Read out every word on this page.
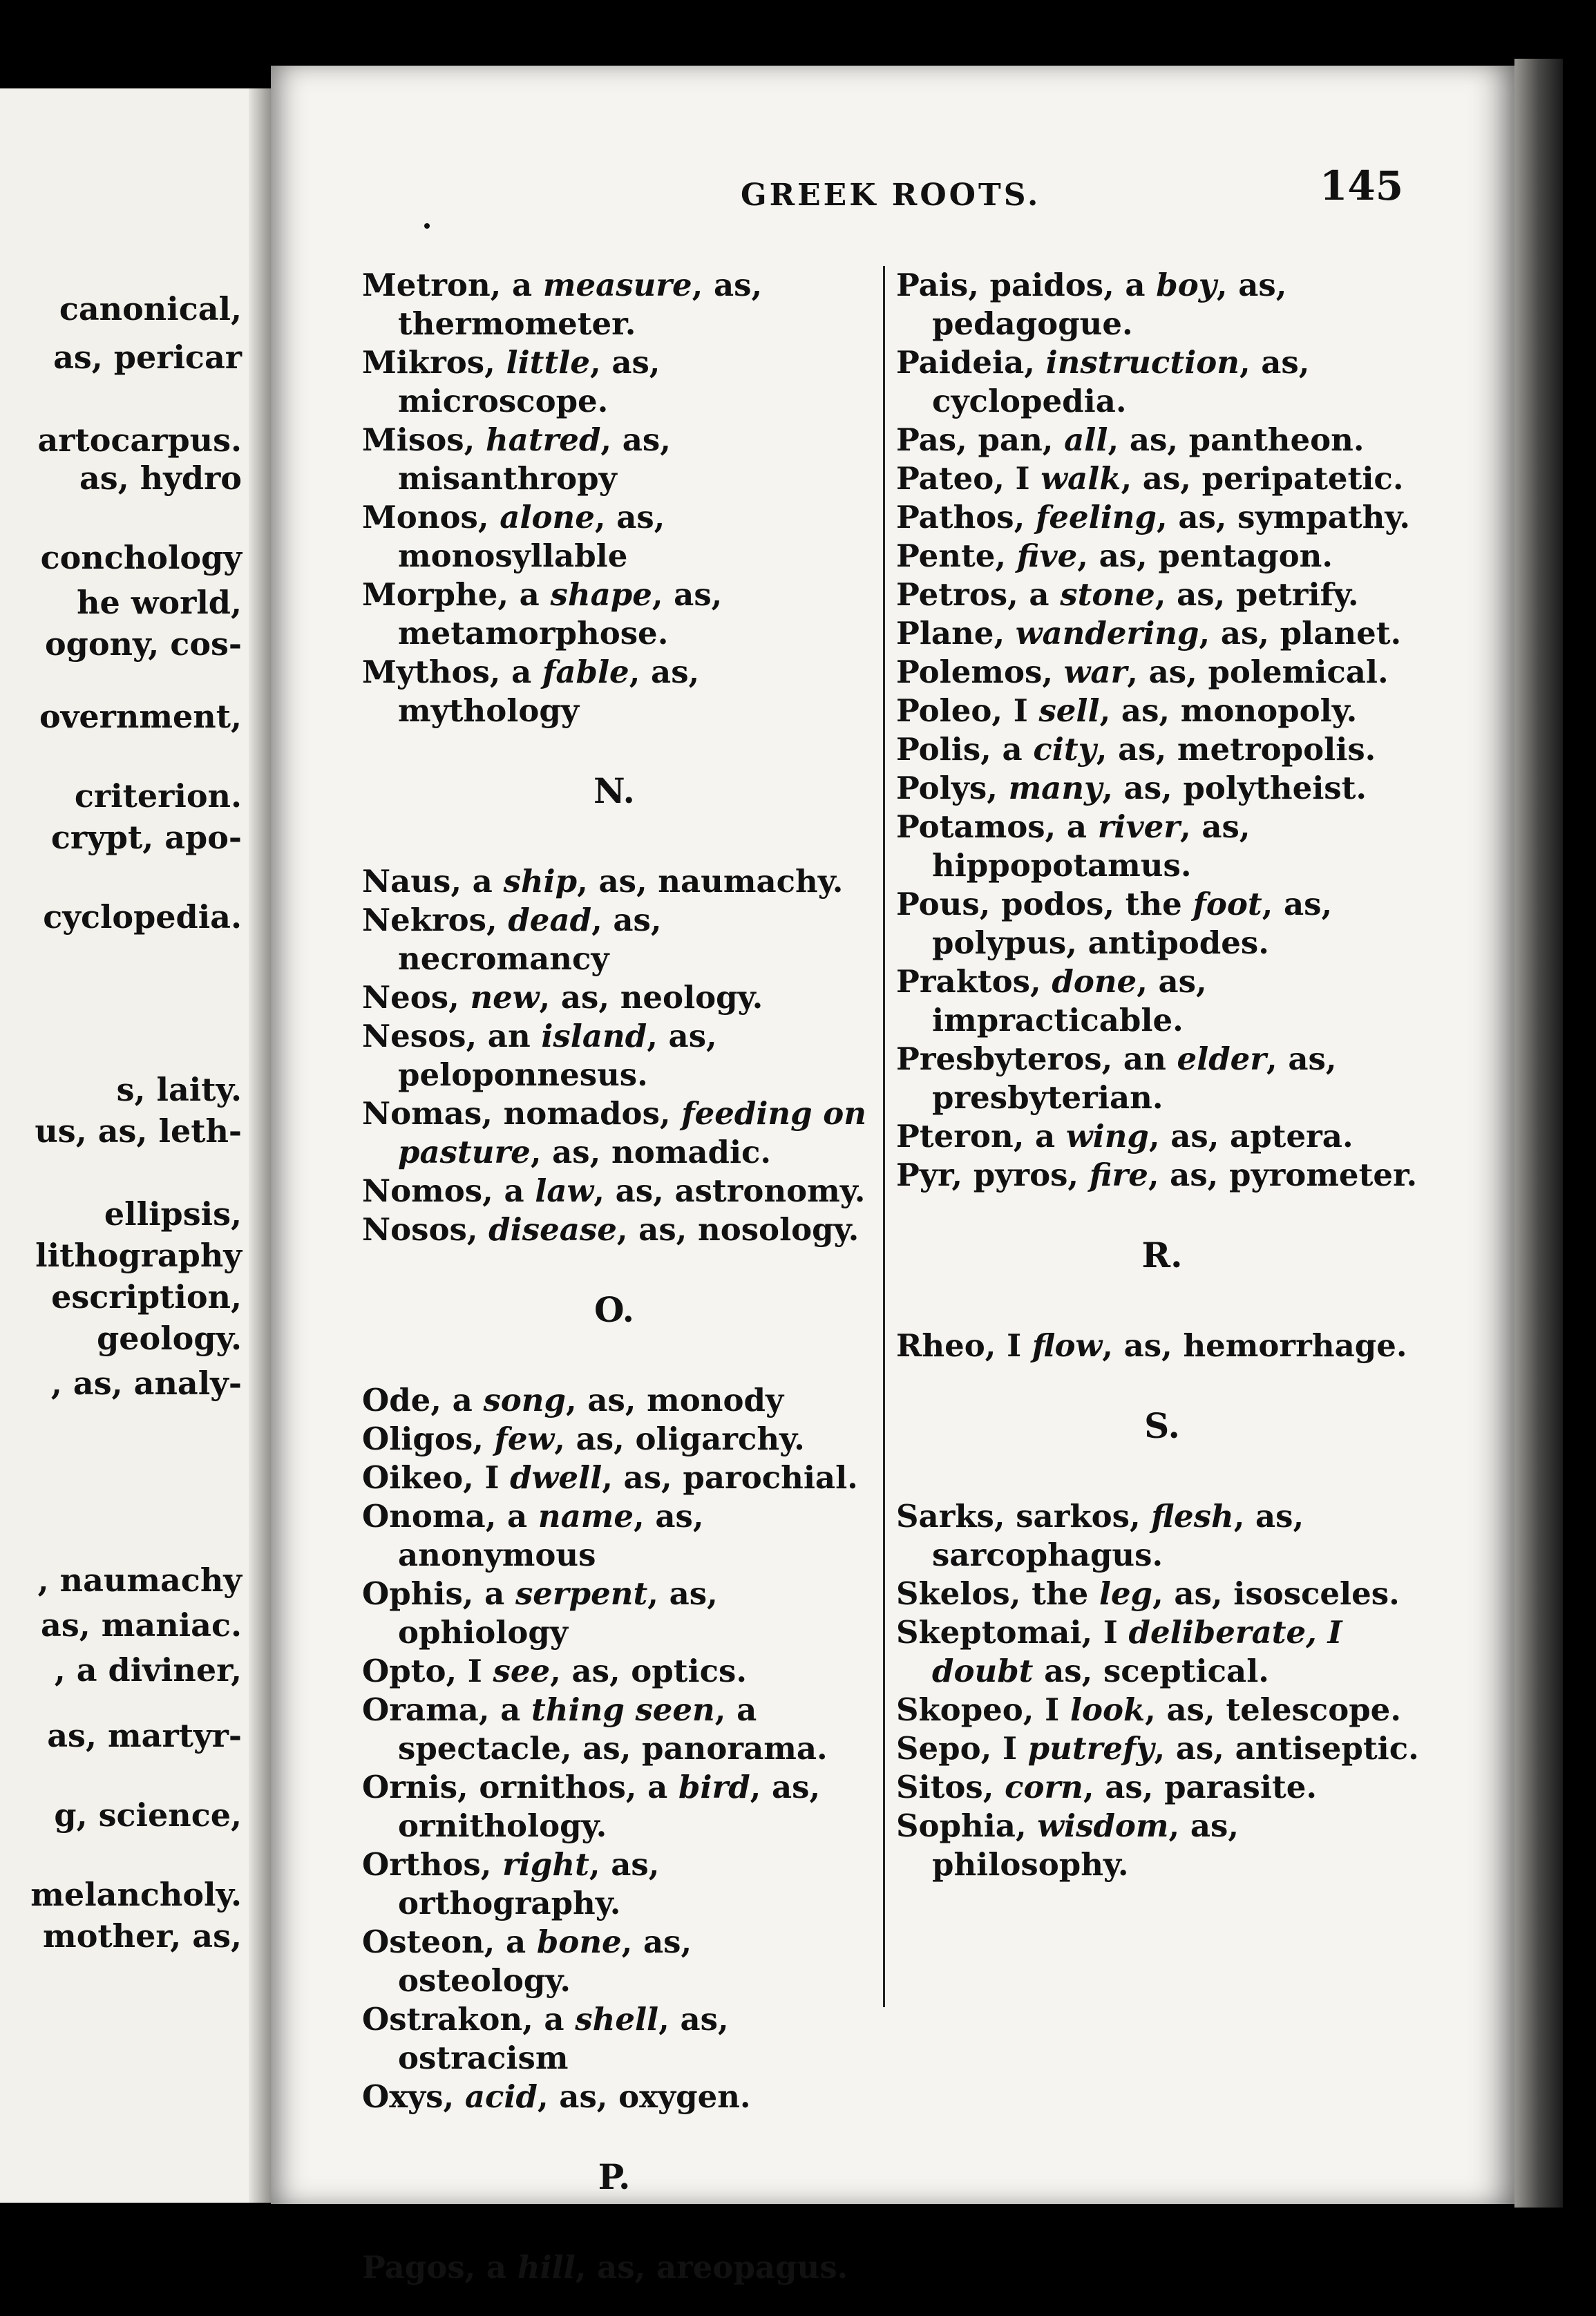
canonical,
as, pericar
artocarpus.
as, hydro
conchology
he world,
ogony, cos-
overnment,
criterion.
crypt, apo-
cyclopedia.
s, laity.
us, as, leth-
ellipsis,
lithography
escription,
geology.
, as, analy-
, naumachy
as, maniac.
, a diviner,
as, martyr-
g, science,
melancholy.
mother, as,
GREEK ROOTS.	145

Metron, a measure, as, thermometer.

Mikros, little, as, microscope.

Misos, hatred, as, misanthropy

Monos, alone, as, monosyllable

Morphe, a shape, as, metamorphose.

Mythos, a fable, as, mythology

N.

Naus, a ship, as, naumachy.

Nekros, dead, as, necromancy

Neos, new, as, neology.

Nesos, an island, as, peloponnesus.

Nomas, nomados, feeding on pasture, as, nomadic.

Nomos, a law, as, astronomy.

Nosos, disease, as, nosology.

O.

Ode, a song, as, monody

Oligos, few, as, oligarchy.

Oikeo, I dwell, as, parochial.

Onoma, a name, as, anonymous

Ophis, a serpent, as, ophiology

Opto, I see, as, optics.

Orama, a thing seen, a spectacle, as, panorama.

Ornis, ornithos, a bird, as, ornithology.

Orthos, right, as, orthography.

Osteon, a bone, as, osteology.

Ostrakon, a shell, as, ostracism

Oxys, acid, as, oxygen.

P.

Pagos, a hill, as, areopagus.

Pais, paidos, a boy, as, pedagogue.

Paideia, instruction, as, cyclopedia.

Pas, pan, all, as, pantheon.

Pateo, I walk, as, peripatetic.

Pathos, feeling, as, sympathy.

Pente, five, as, pentagon.

Petros, a stone, as, petrify.

Plane, wandering, as, planet.

Polemos, war, as, polemical.

Poleo, I sell, as, monopoly.

Polis, a city, as, metropolis.

Polys, many, as, polytheist.

Potamos, a river, as, hippopotamus.

Pous, podos, the foot, as, polypus, antipodes.

Praktos, done, as, impracticable.

Presbyteros, an elder, as, presbyterian.

Pteron, a wing, as, aptera.

Pyr, pyros, fire, as, pyrometer.

R.

Rheo, I flow, as, hemorrhage.

S.

Sarks, sarkos, flesh, as, sarcophagus.

Skelos, the leg, as, isosceles.

Skeptomai, I deliberate, I doubt as, sceptical.

Skopeo, I look, as, telescope.

Sepo, I putrefy, as, antiseptic.

Sitos, corn, as, parasite.

Sophia, wisdom, as, philosophy.
